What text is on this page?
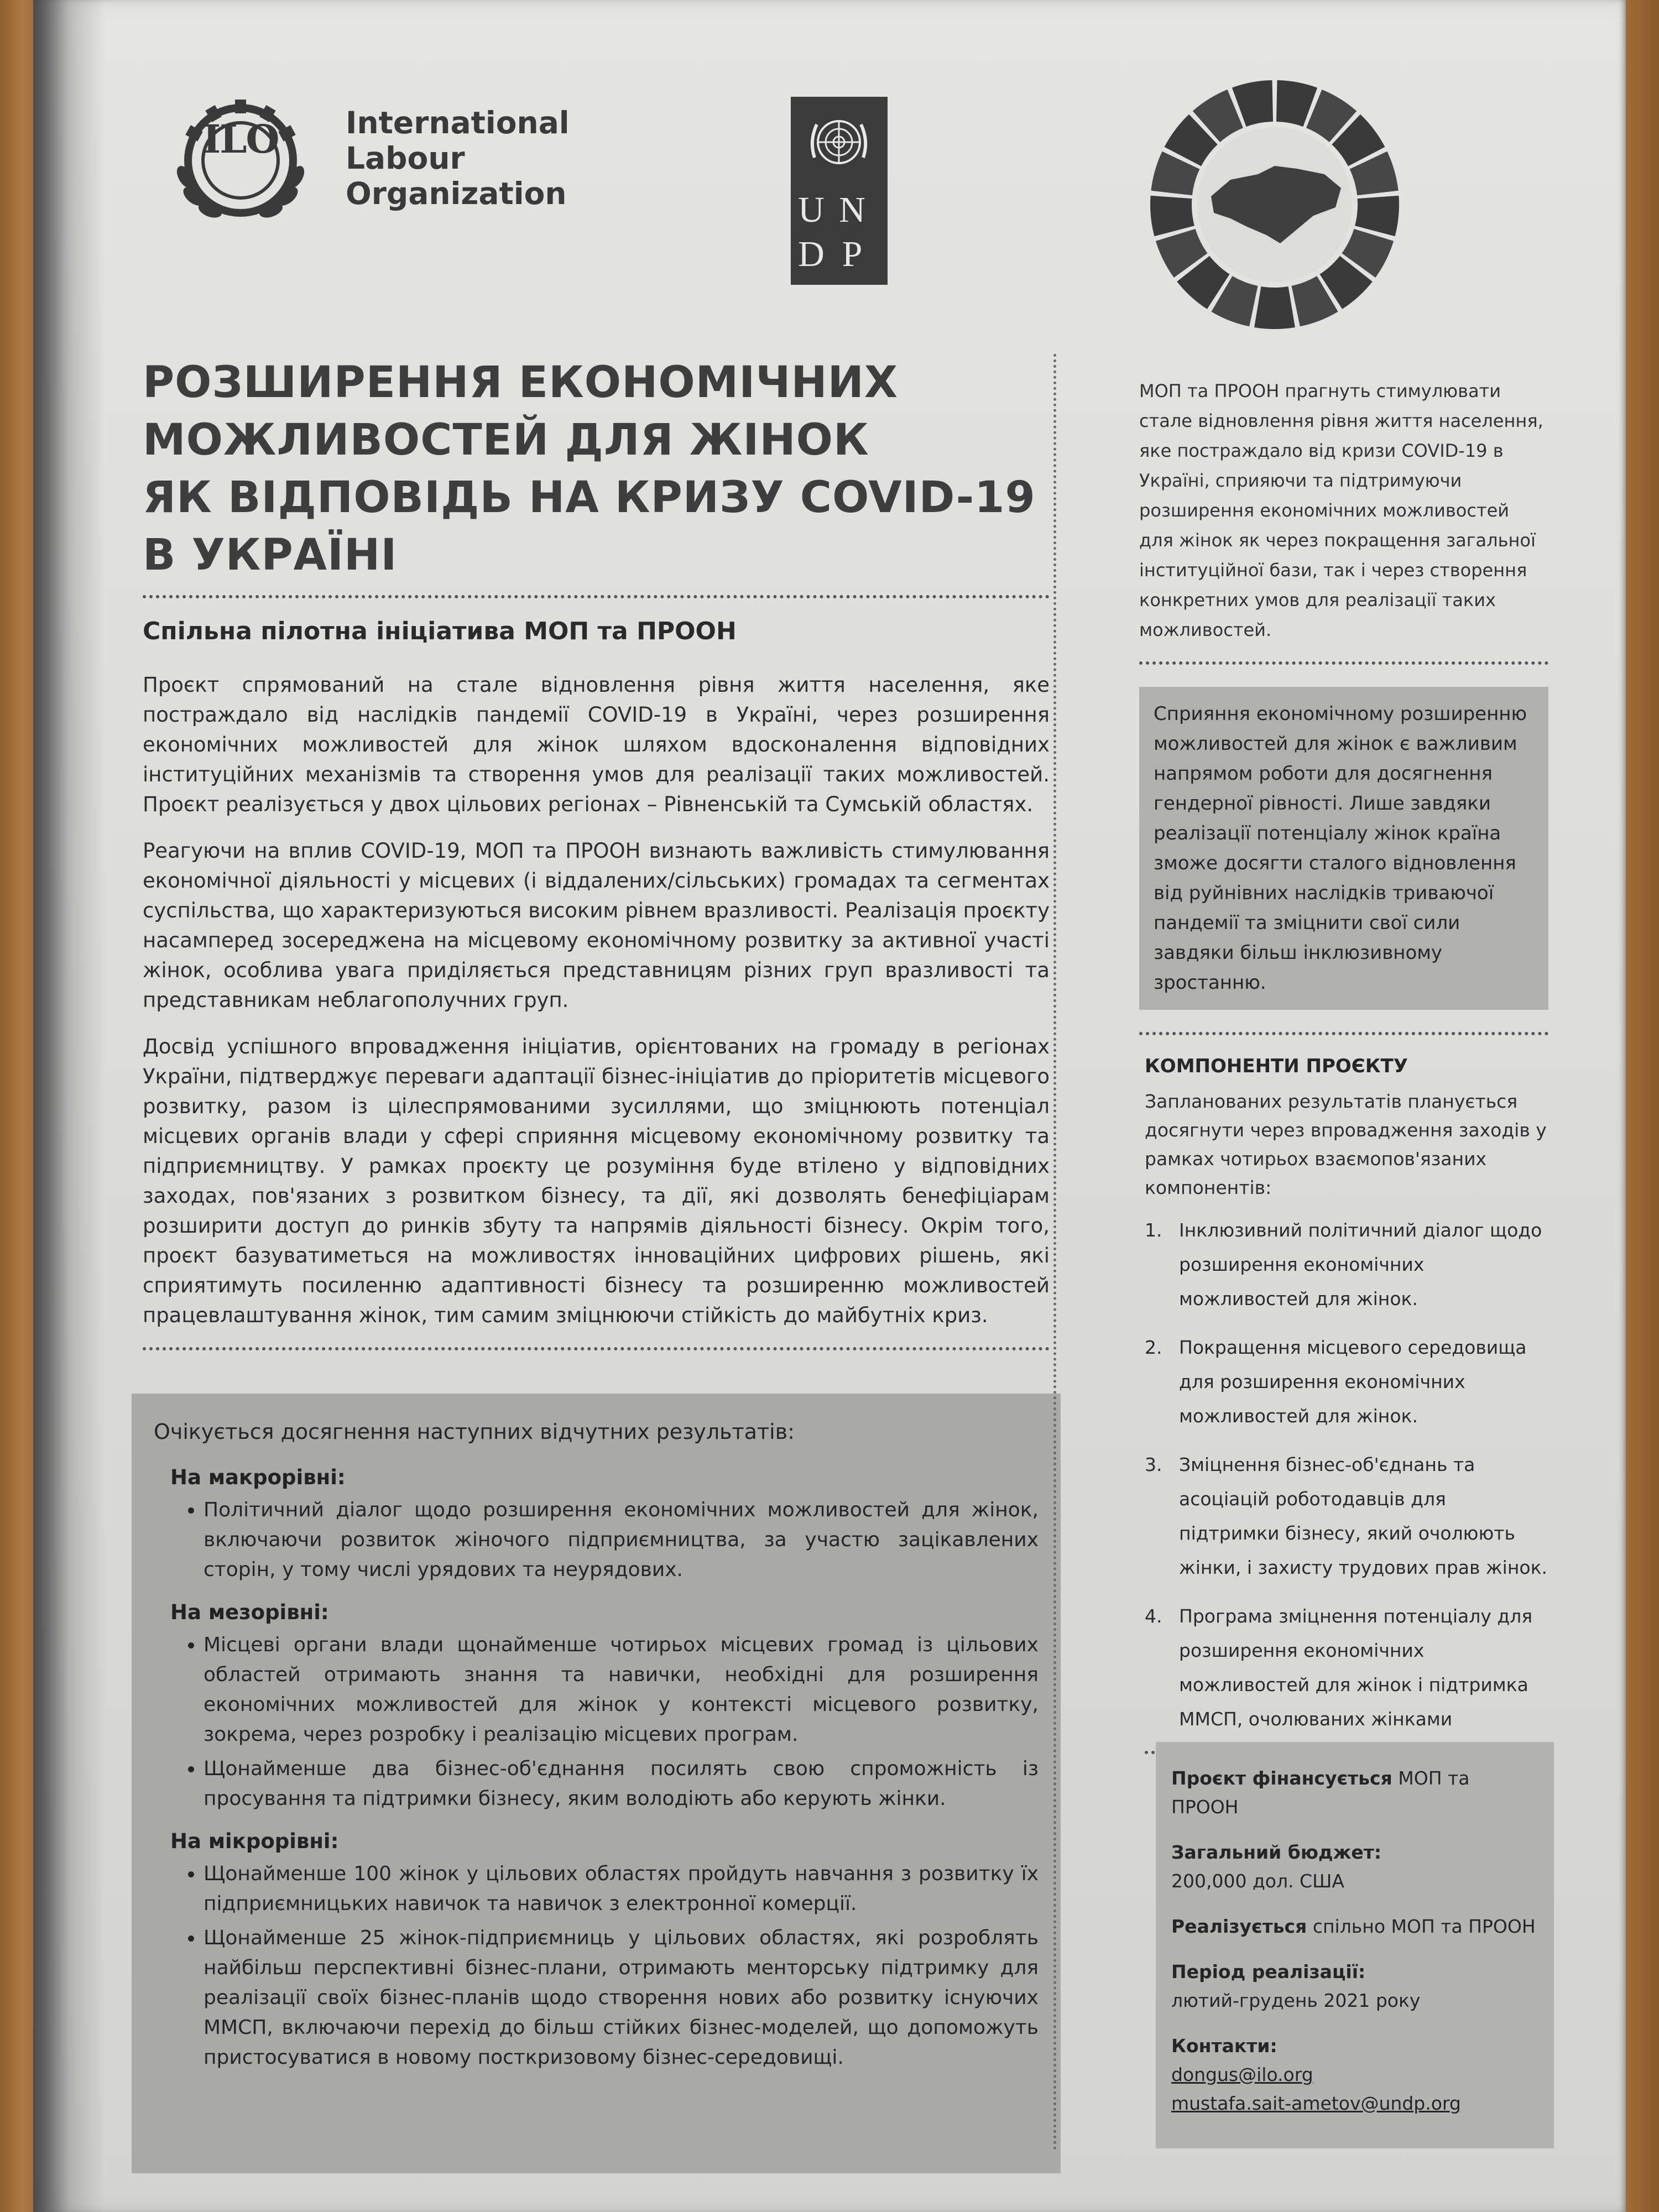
ILO International
Labour
Organization	U N
D P
РОЗШИРЕННЯ ЕКОНОМІЧНИХ
МОЖЛИВОСТЕЙ ДЛЯ ЖІНОК
ЯК ВІДПОВІДЬ НА КРИЗУ COVID-19
В УКРАЇНІ
Спільна пілотна ініціатива МОП та ПРООН

Проєкт спрямований на стале відновлення рівня життя населення, яке постраждало від наслідків пандемії COVID-19 в Україні, через розширення економічних можливостей для жінок шляхом вдосконалення відповідних інституційних механізмів та створення умов для реалізації таких можливостей. Проєкт реалізується у двох цільових регіонах – Рівненській та Сумській областях.

Реагуючи на вплив COVID-19, МОП та ПРООН визнають важливість стимулювання економічної діяльності у місцевих (і віддалених/сільських) громадах та сегментах суспільства, що характеризуються високим рівнем вразливості. Реалізація проєкту насамперед зосереджена на місцевому економічному розвитку за активної участі жінок, особлива увага приділяється представницям різних груп вразливості та представникам неблагополучних груп.

Досвід успішного впровадження ініціатив, орієнтованих на громаду в регіонах України, підтверджує переваги адаптації бізнес-ініціатив до пріоритетів місцевого розвитку, разом із цілеспрямованими зусиллями, що зміцнюють потенціал місцевих органів влади у сфері сприяння місцевому економічному розвитку та підприємництву. У рамках проєкту це розуміння буде втілено у відповідних заходах, пов'язаних з розвитком бізнесу, та дії, які дозволять бенефіціарам розширити доступ до ринків збуту та напрямів діяльності бізнесу. Окрім того, проєкт базуватиметься на можливостях інноваційних цифрових рішень, які сприятимуть посиленню адаптивності бізнесу та розширенню можливостей працевлаштування жінок, тим самим зміцнюючи стійкість до майбутніх криз.

Очікується досягнення наступних відчутних результатів:
На макрорівні:
• Політичний діалог щодо розширення економічних можливостей для жінок, включаючи розвиток жіночого підприємництва, за участю зацікавлених сторін, у тому числі урядових та неурядових.
На мезорівні:
• Місцеві органи влади щонайменше чотирьох місцевих громад із цільових областей отримають знання та навички, необхідні для розширення економічних можливостей для жінок у контексті місцевого розвитку, зокрема, через розробку і реалізацію місцевих програм.
• Щонайменше два бізнес-об'єднання посилять свою спроможність із просування та підтримки бізнесу, яким володіють або керують жінки.
На мікрорівні:
• Щонайменше 100 жінок у цільових областях пройдуть навчання з розвитку їх підприємницьких навичок та навичок з електронної комерції.
• Щонайменше 25 жінок-підприємниць у цільових областях, які розроблять найбільш перспективні бізнес-плани, отримають менторську підтримку для реалізації своїх бізнес-планів щодо створення нових або розвитку існуючих ММСП, включаючи перехід до більш стійких бізнес-моделей, що допоможуть пристосуватися в новому посткризовому бізнес-середовищі.
МОП та ПРООН прагнуть стимулювати стале відновлення рівня життя населення, яке постраждало від кризи COVID-19 в Україні, сприяючи та підтримуючи розширення економічних можливостей для жінок як через покращення загальної інституційної бази, так і через створення конкретних умов для реалізації таких можливостей.
Сприяння економічному розширенню можливостей для жінок є важливим напрямом роботи для досягнення гендерної рівності. Лише завдяки реалізації потенціалу жінок країна зможе досягти сталого відновлення від руйнівних наслідків триваючої пандемії та зміцнити свої сили завдяки більш інклюзивному зростанню.
КОМПОНЕНТИ ПРОЄКТУ
Запланованих результатів планується досягнути через впровадження заходів у рамках чотирьох взаємопов'язаних компонентів:
1. Інклюзивний політичний діалог щодо розширення економічних можливостей для жінок.
2. Покращення місцевого середовища для розширення економічних можливостей для жінок.
3. Зміцнення бізнес-об'єднань та асоціацій роботодавців для підтримки бізнесу, який очолюють жінки, і захисту трудових прав жінок.
4. Програма зміцнення потенціалу для розширення економічних можливостей для жінок і підтримка ММСП, очолюваних жінками
Проєкт фінансується МОП та ПРООН
Загальний бюджет:
200,000 дол. США
Реалізується спільно МОП та ПРООН
Період реалізації:
лютий-грудень 2021 року
Контакти:
dongus@ilo.org
mustafa.sait-ametov@undp.org
